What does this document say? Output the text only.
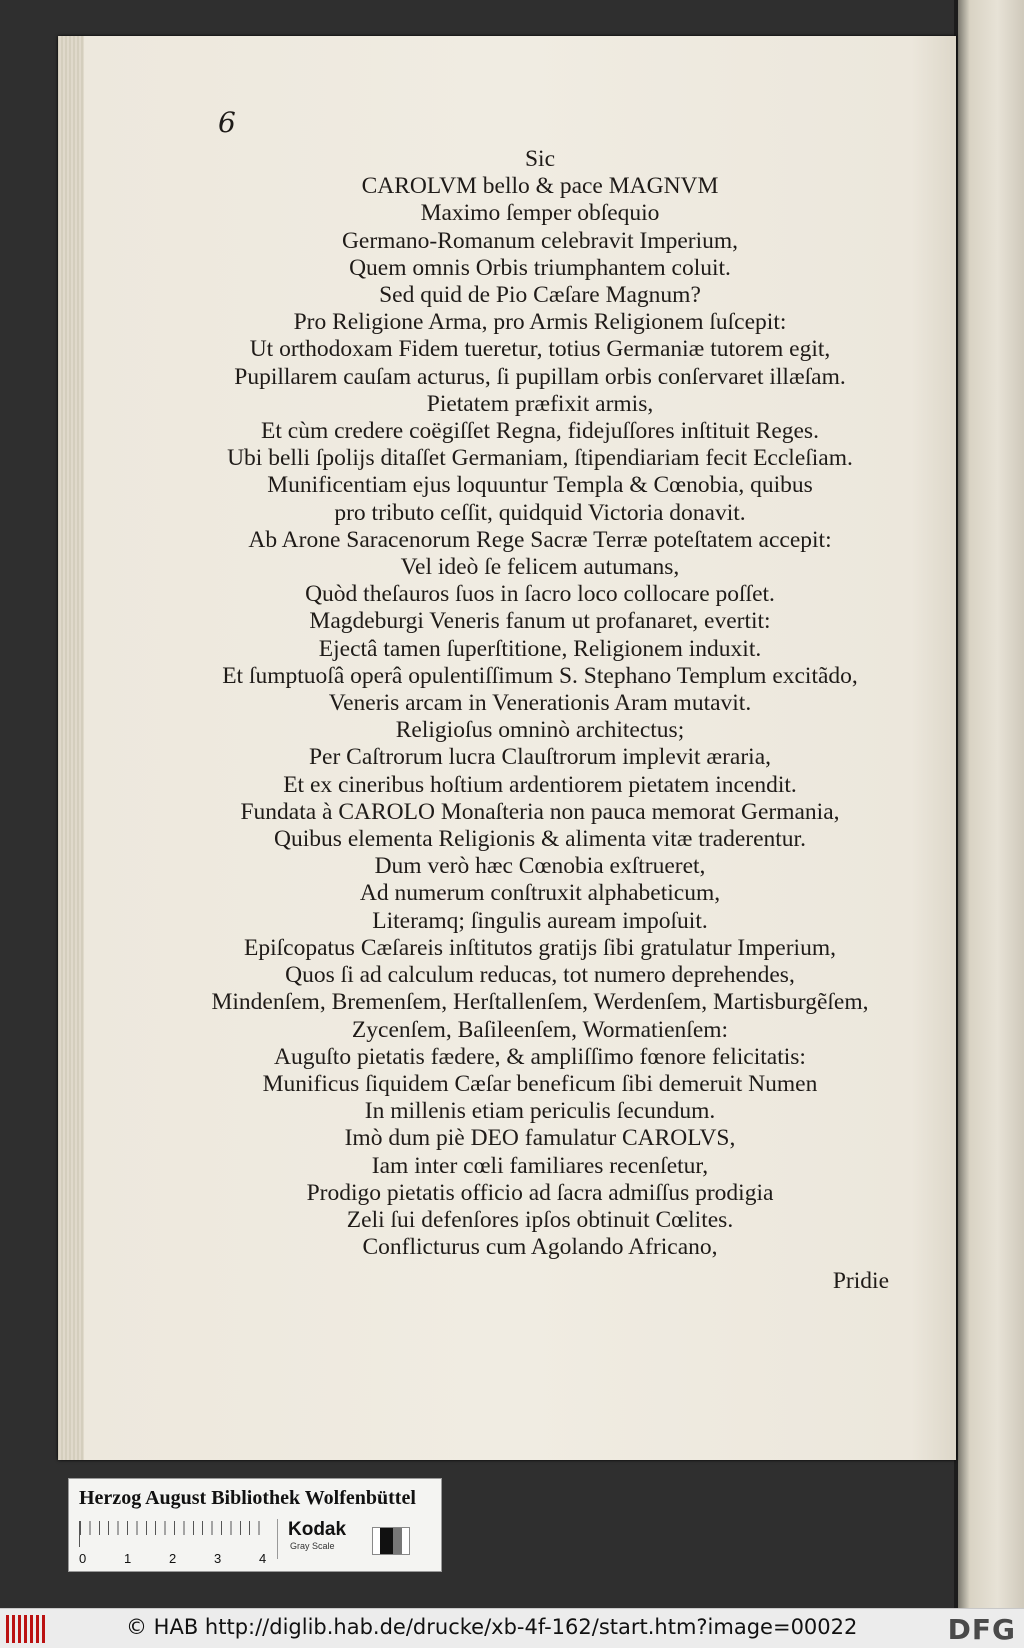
6
Sic
CAROLVM bello & pace MAGNVM
Maximo ſemper obſequio
Germano-Romanum celebravit Imperium,
Quem omnis Orbis triumphantem coluit.
Sed quid de Pio Cæſare Magnum?
Pro Religione Arma, pro Armis Religionem ſuſcepit:
Ut orthodoxam Fidem tueretur, totius Germaniæ tutorem egit,
Pupillarem cauſam acturus, ſi pupillam orbis conſervaret illæſam.
Pietatem præfixit armis,
Et cùm credere coëgiſſet Regna, fidejuſſores inſtituit Reges.
Ubi belli ſpolijs ditaſſet Germaniam, ſtipendiariam fecit Eccleſiam.
Munificentiam ejus loquuntur Templa & Cœnobia, quibus
pro tributo ceſſit, quidquid Victoria donavit.
Ab Arone Saracenorum Rege Sacræ Terræ poteſtatem accepit:
Vel ideò ſe felicem autumans,
Quòd theſauros ſuos in ſacro loco collocare poſſet.
Magdeburgi Veneris fanum ut profanaret, evertit:
Ejectâ tamen ſuperſtitione, Religionem induxit.
Et ſumptuoſâ operâ opulentiſſimum S. Stephano Templum excitãdo,
Veneris arcam in Venerationis Aram mutavit.
Religioſus omninò architectus;
Per Caſtrorum lucra Clauſtrorum implevit æraria,
Et ex cineribus hoſtium ardentiorem pietatem incendit.
Fundata à CAROLO Monaſteria non pauca memorat Germania,
Quibus elementa Religionis & alimenta vitæ traderentur.
Dum verò hæc Cœnobia exſtrueret,
Ad numerum conſtruxit alphabeticum,
Literamq; ſingulis auream impoſuit.
Epiſcopatus Cæſareis inſtitutos gratijs ſibi gratulatur Imperium,
Quos ſi ad calculum reducas, tot numero deprehendes,
Mindenſem, Bremenſem, Herſtallenſem, Werdenſem, Martisburgẽſem,
Zycenſem, Baſileenſem, Wormatienſem:
Auguſto pietatis fædere, & ampliſſimo fœnore felicitatis:
Munificus ſiquidem Cæſar beneficum ſibi demeruit Numen
In millenis etiam periculis ſecundum.
Imò dum piè DEO famulatur CAROLVS,
Iam inter cœli familiares recenſetur,
Prodigo pietatis officio ad ſacra admiſſus prodigia
Zeli ſui defenſores ipſos obtinuit Cœlites.
Conflicturus cum Agolando Africano,
Pridie
Herzog August Bibliothek Wolfenbüttel
0	1	2	3	4
Kodak
Gray Scale
© HAB http://diglib.hab.de/drucke/xb-4f-162/start.htm?image=00022	DFG
